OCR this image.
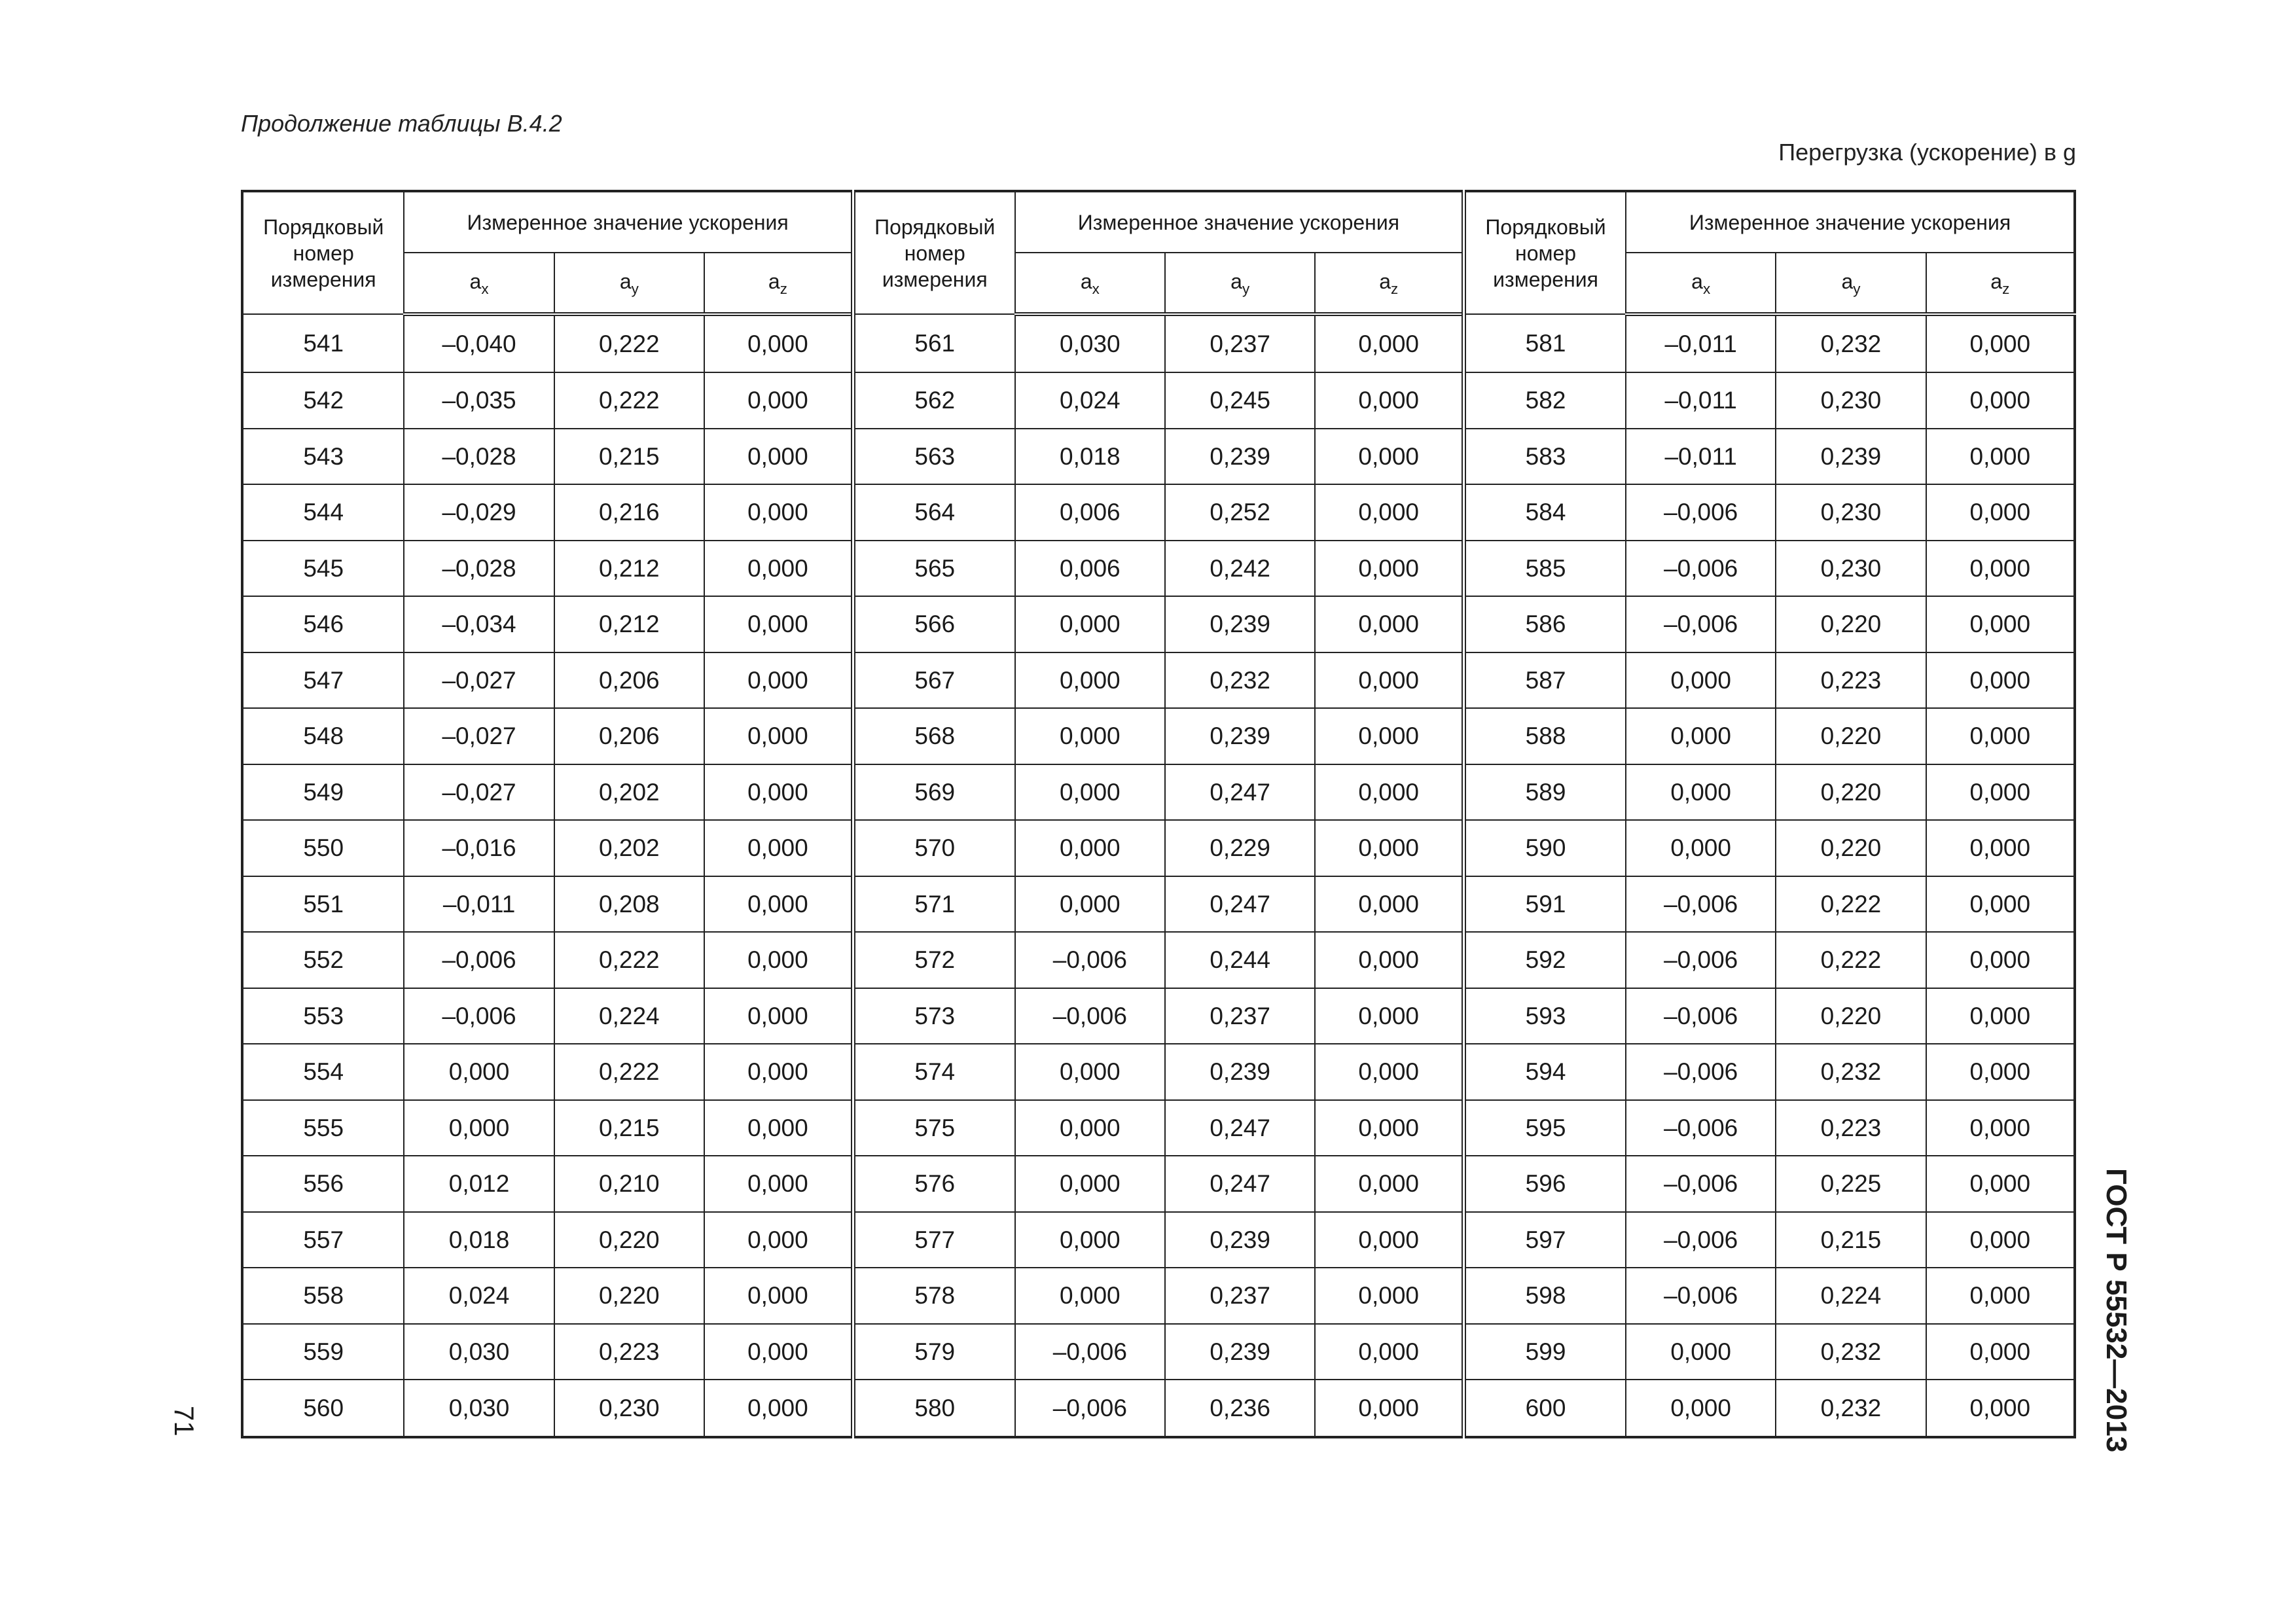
Продолжение таблицы В.4.2
Перегрузка (ускорение) в g
Порядковый номер измерения	Измеренное значение ускорения			Порядковый номер измерения	Измеренное значение ускорения			Порядковый номер измерения	Измеренное значение ускорения		
	$a_x$	$a_y$	$a_z$		$a_x$	$a_y$	$a_z$		$a_x$	$a_y$	$a_z$
541	–0,040	0,222	0,000	561	0,030	0,237	0,000	581	–0,011	0,232	0,000
542	–0,035	0,222	0,000	562	0,024	0,245	0,000	582	–0,011	0,230	0,000
543	–0,028	0,215	0,000	563	0,018	0,239	0,000	583	–0,011	0,239	0,000
544	–0,029	0,216	0,000	564	0,006	0,252	0,000	584	–0,006	0,230	0,000
545	–0,028	0,212	0,000	565	0,006	0,242	0,000	585	–0,006	0,230	0,000
546	–0,034	0,212	0,000	566	0,000	0,239	0,000	586	–0,006	0,220	0,000
547	–0,027	0,206	0,000	567	0,000	0,232	0,000	587	0,000	0,223	0,000
548	–0,027	0,206	0,000	568	0,000	0,239	0,000	588	0,000	0,220	0,000
549	–0,027	0,202	0,000	569	0,000	0,247	0,000	589	0,000	0,220	0,000
550	–0,016	0,202	0,000	570	0,000	0,229	0,000	590	0,000	0,220	0,000
551	–0,011	0,208	0,000	571	0,000	0,247	0,000	591	–0,006	0,222	0,000
552	–0,006	0,222	0,000	572	–0,006	0,244	0,000	592	–0,006	0,222	0,000
553	–0,006	0,224	0,000	573	–0,006	0,237	0,000	593	–0,006	0,220	0,000
554	0,000	0,222	0,000	574	0,000	0,239	0,000	594	–0,006	0,232	0,000
555	0,000	0,215	0,000	575	0,000	0,247	0,000	595	–0,006	0,223	0,000
556	0,012	0,210	0,000	576	0,000	0,247	0,000	596	–0,006	0,225	0,000
557	0,018	0,220	0,000	577	0,000	0,239	0,000	597	–0,006	0,215	0,000
558	0,024	0,220	0,000	578	0,000	0,237	0,000	598	–0,006	0,224	0,000
559	0,030	0,223	0,000	579	–0,006	0,239	0,000	599	0,000	0,232	0,000
560	0,030	0,230	0,000	580	–0,006	0,236	0,000	600	0,000	0,232	0,000 ГОСТ Р 55532—2013
71
